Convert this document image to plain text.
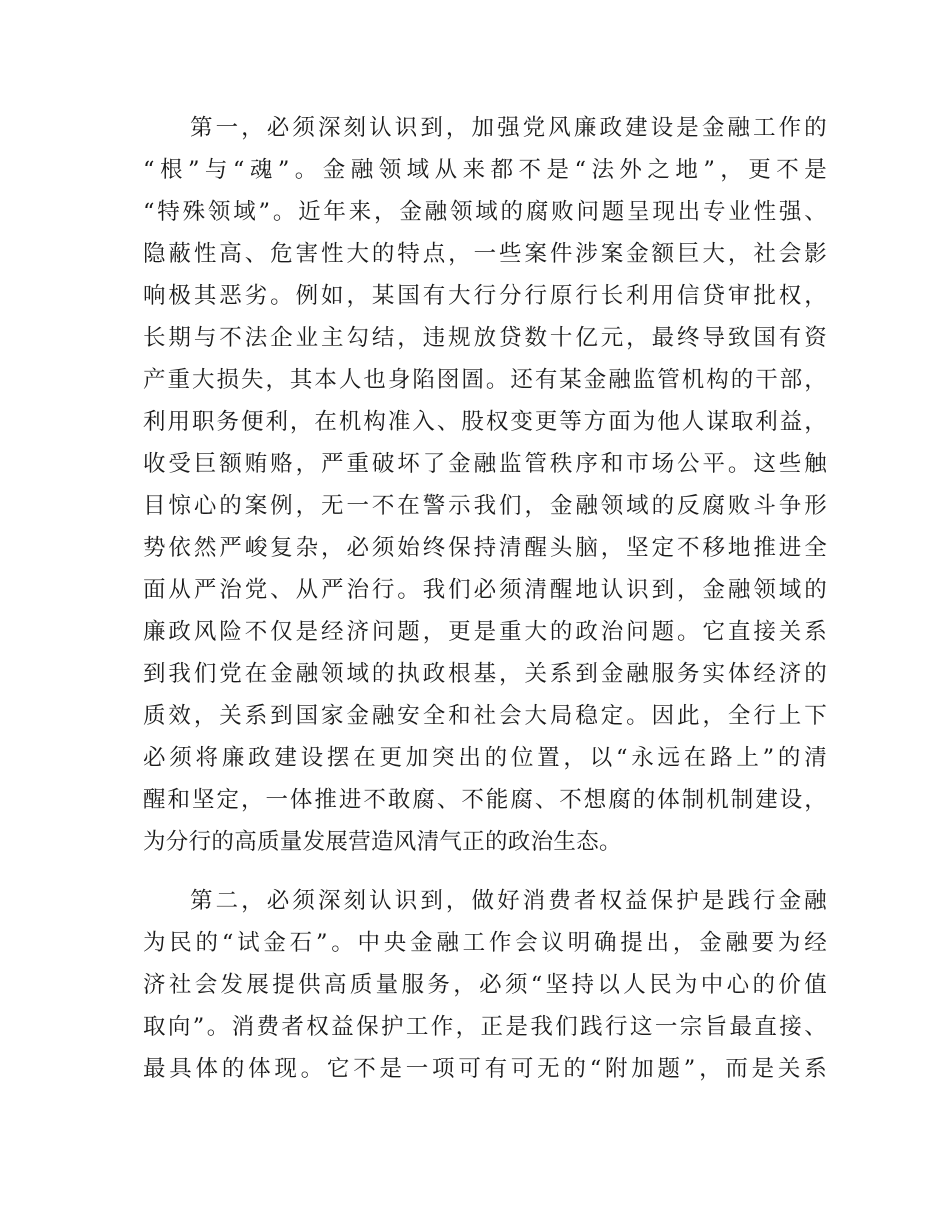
第一，必须深刻认识到，加强党风廉政建设是金融工作的
“根”与“魂”。金融领域从来都不是“法外之地”，更不是
“特殊领域”。近年来，金融领域的腐败问题呈现出专业性强、
隐蔽性高、危害性大的特点，一些案件涉案金额巨大，社会影
响极其恶劣。例如，某国有大行分行原行长利用信贷审批权，
长期与不法企业主勾结，违规放贷数十亿元，最终导致国有资
产重大损失，其本人也身陷囹圄。还有某金融监管机构的干部，
利用职务便利，在机构准入、股权变更等方面为他人谋取利益，
收受巨额贿赂，严重破坏了金融监管秩序和市场公平。这些触
目惊心的案例，无一不在警示我们，金融领域的反腐败斗争形
势依然严峻复杂，必须始终保持清醒头脑，坚定不移地推进全
面从严治党、从严治行。我们必须清醒地认识到，金融领域的
廉政风险不仅是经济问题，更是重大的政治问题。它直接关系
到我们党在金融领域的执政根基，关系到金融服务实体经济的
质效，关系到国家金融安全和社会大局稳定。因此，全行上下
必须将廉政建设摆在更加突出的位置，以“永远在路上”的清
醒和坚定，一体推进不敢腐、不能腐、不想腐的体制机制建设，
为分行的高质量发展营造风清气正的政治生态。
第二，必须深刻认识到，做好消费者权益保护是践行金融
为民的“试金石”。中央金融工作会议明确提出，金融要为经
济社会发展提供高质量服务，必须“坚持以人民为中心的价值
取向”。消费者权益保护工作，正是我们践行这一宗旨最直接、
最具体的体现。它不是一项可有可无的“附加题”，而是关系
